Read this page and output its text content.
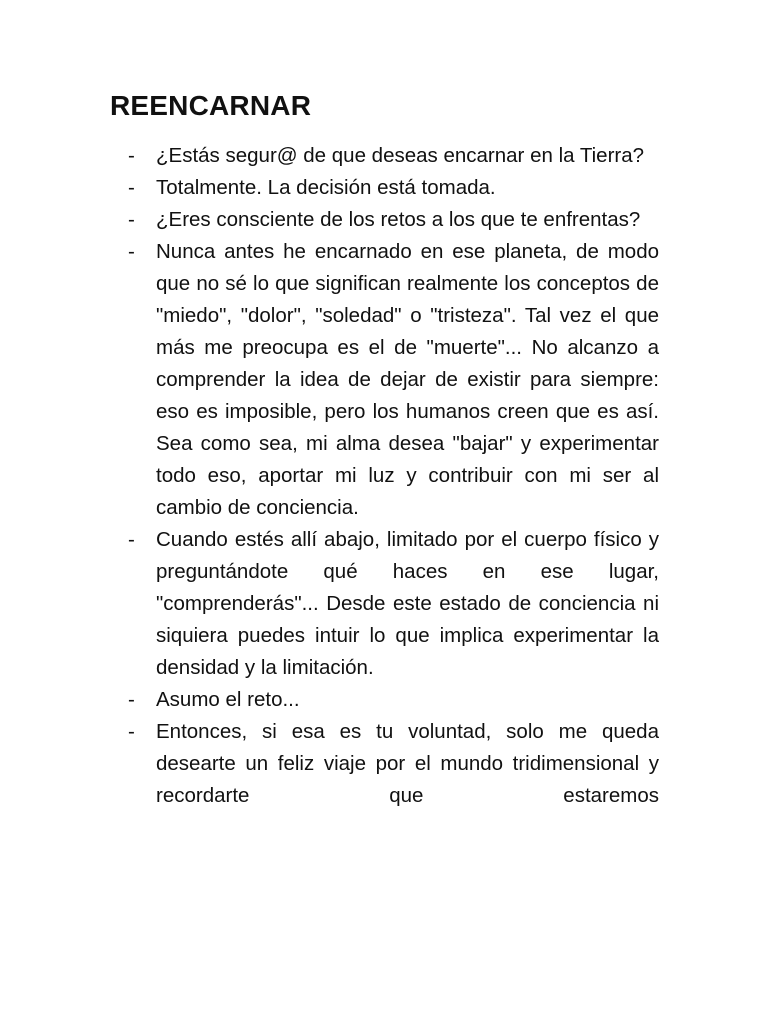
REENCARNAR
- ¿Estás segur@ de que deseas encarnar en la Tierra?
- Totalmente. La decisión está tomada.
- ¿Eres consciente de los retos a los que te enfrentas?
- Nunca antes he encarnado en ese planeta, de modo que no sé lo que significan realmente los conceptos de "miedo", "dolor", "soledad" o "tristeza". Tal vez el que más me preocupa es el de "muerte"... No alcanzo a comprender la idea de dejar de existir para siempre: eso es imposible, pero los humanos creen que es así. Sea como sea, mi alma desea "bajar" y experimentar todo eso, aportar mi luz y contribuir con mi ser al cambio de conciencia.
- Cuando estés allí abajo, limitado por el cuerpo físico y preguntándote qué haces en ese lugar, "comprenderás"... Desde este estado de conciencia ni siquiera puedes intuir lo que implica experimentar la densidad y la limitación.
- Asumo el reto...
- Entonces, si esa es tu voluntad, solo me queda desearte un feliz viaje por el mundo tridimensional y recordarte que estaremos
